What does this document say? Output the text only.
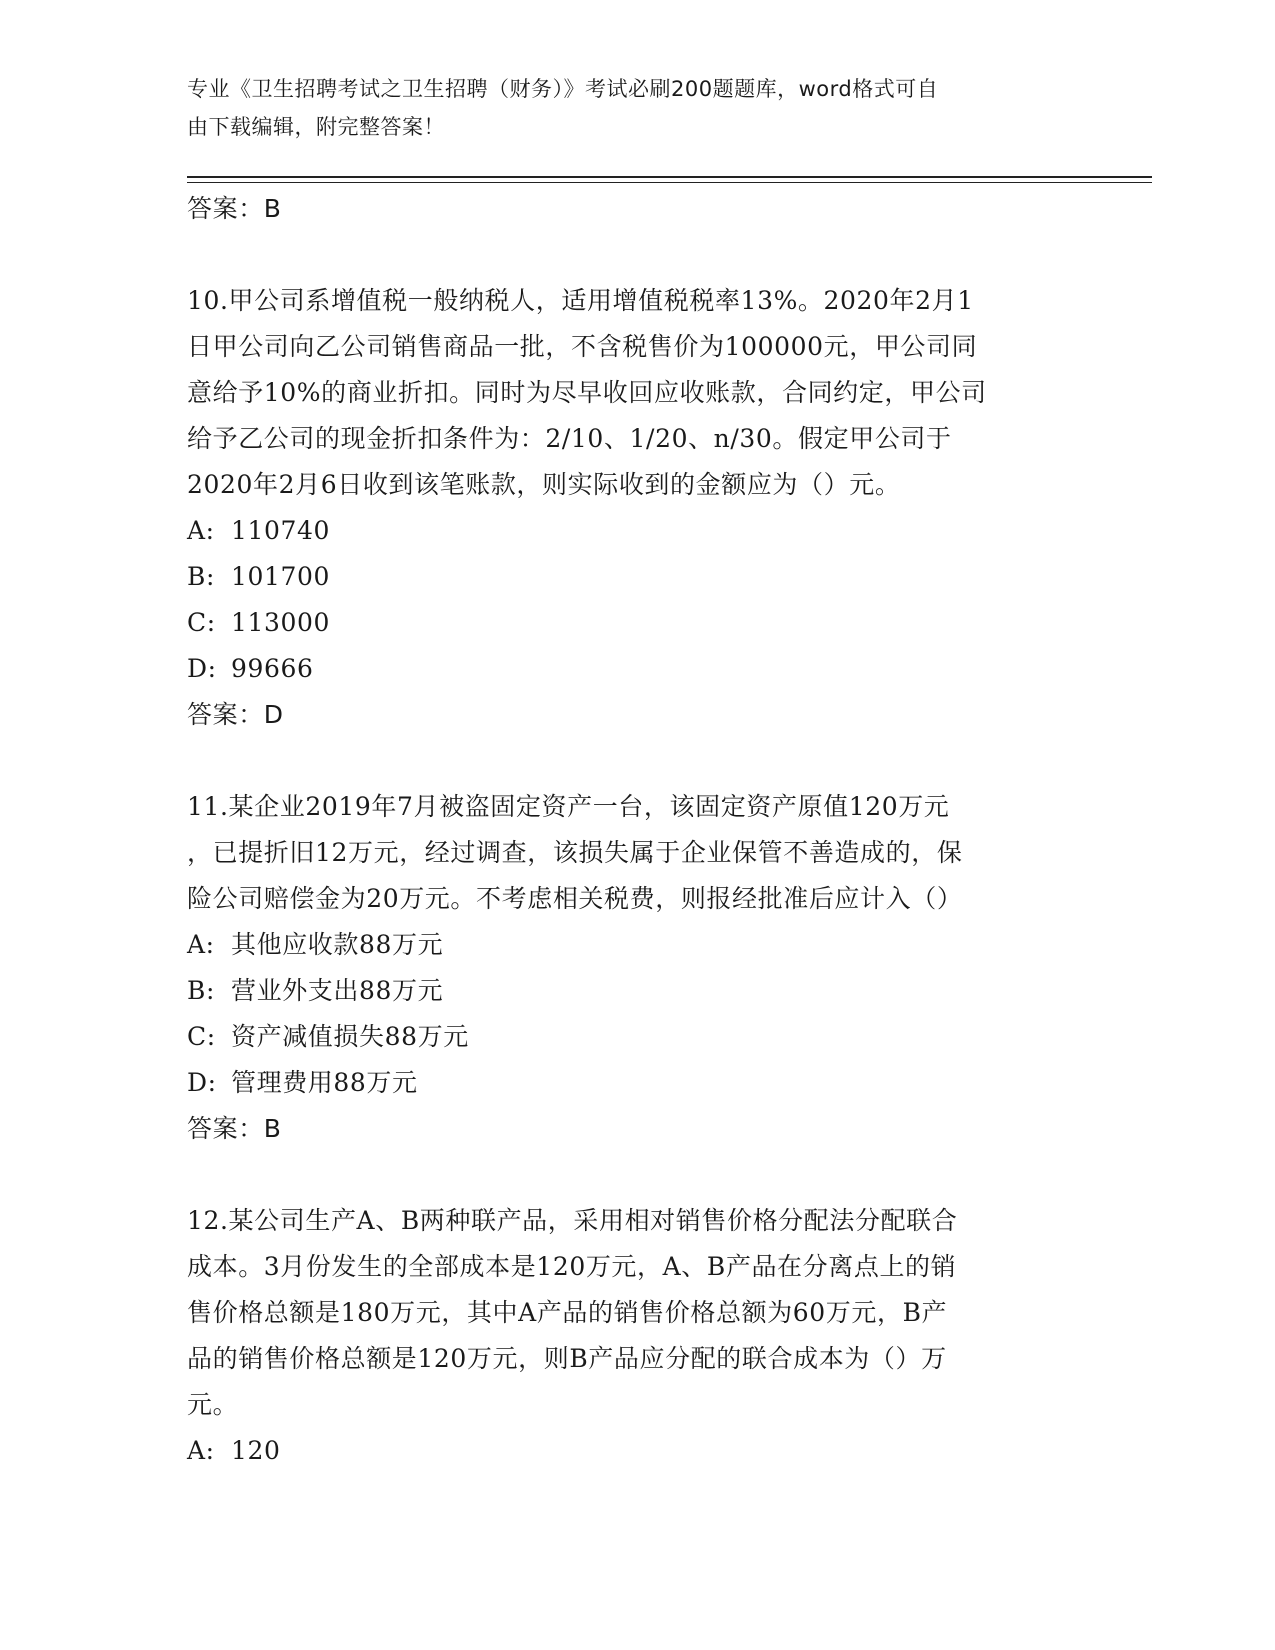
专业《卫生招聘考试之卫生招聘（财务）》考试必刷200题题库，word格式可自
由下载编辑，附完整答案！
答案：B

10.甲公司系增值税一般纳税人，适用增值税税率13%。2020年2月1

日甲公司向乙公司销售商品一批，不含税售价为100000元，甲公司同

意给予10%的商业折扣。同时为尽早收回应收账款，合同约定，甲公司

给予乙公司的现金折扣条件为：2/10、1/20、n/30。假定甲公司于

2020年2月6日收到该笔账款，则实际收到的金额应为（）元。

A: 110740
B: 101700
C: 113000
D: 99666
答案：D

11.某企业2019年7月被盗固定资产一台，该固定资产原值120万元

，已提折旧12万元，经过调查，该损失属于企业保管不善造成的，保

险公司赔偿金为20万元。不考虑相关税费，则报经批准后应计入（）

A: 其他应收款88万元
B: 营业外支出88万元
C: 资产减值损失88万元
D: 管理费用88万元
答案：B

12.某公司生产A、B两种联产品，采用相对销售价格分配法分配联合

成本。3月份发生的全部成本是120万元，A、B产品在分离点上的销

售价格总额是180万元，其中A产品的销售价格总额为60万元，B产

品的销售价格总额是120万元，则B产品应分配的联合成本为（）万

元。

A: 120
